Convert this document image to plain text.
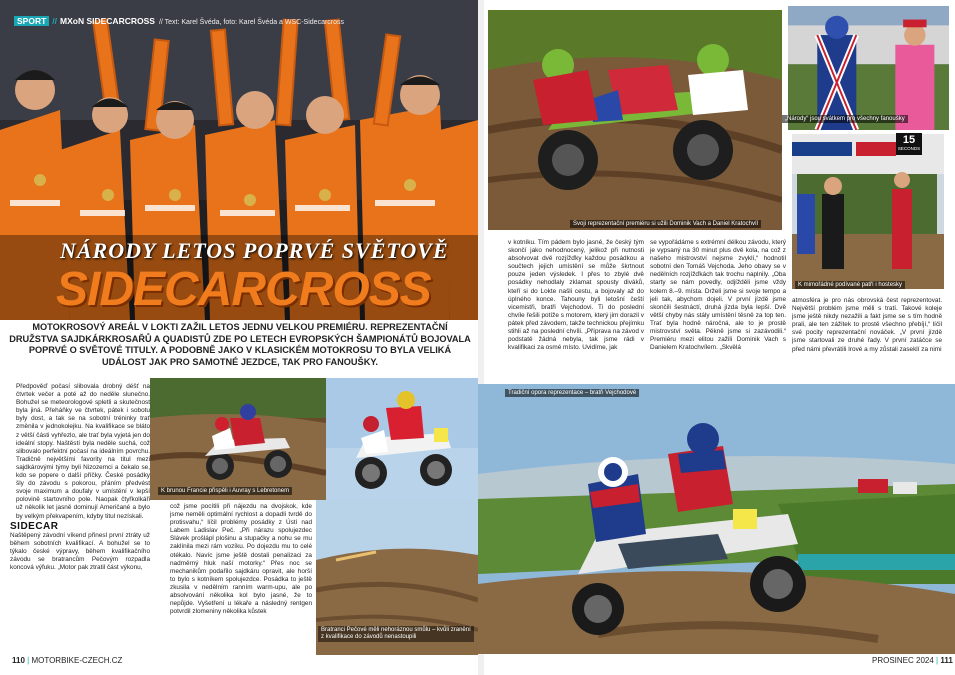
SPORT // MXoN SIDECARCROSS // Text: Karel Švéda, foto: Karel Švéda a WSC-Sidecarcross
NÁRODY LETOS POPRVÉ SVĚTOVĚ
SIDECARCROSS
MOTOKROSOVÝ AREÁL V LOKTI ZAŽIL LETOS JEDNU VELKOU PREMIÉRU. REPREZENTAČNÍ DRUŽSTVA SAJDKÁRKROSAŘŮ A QUADISTŮ ZDE PO LETECH EVROPSKÝCH ŠAMPIONÁTŮ BOJOVALA POPRVÉ O SVĚTOVÉ TITULY. A PODOBNĚ JAKO V KLASICKÉM MOTOKROSU TO BYLA VELIKÁ UDÁLOST JAK PRO SAMOTNÉ JEZDCE, TAK PRO FANOUŠKY.

Předpověď počasí slibovala drobný déšť na čtvrtek večer a poté až do neděle slunečno. Bohužel se meteorologové spletli a skutečnost byla jiná. Přeháňky ve čtvrtek, pátek i sobotu byly dost, a tak se na sobotní tréninky trať změnila v jednokolejku. Na kvalifikace se bláto z větší části vyhřezlo, ale trať byla vyjetá jen do ideální stopy. Naštěstí byla neděle suchá, což slibovalo perfektní počasí na ideálním povrchu. Tradičně největšími favority na titul mezi sajdkárovými týmy byli Nizozemci a čekalo se, kdo se popere o další příčky. České posádky šly do závodu s pokorou, přáním předvést svoje maximum a doufaly v umístění v lepší polovině startovního pole. Naopak čtyřkolkáři už několik let jasně dominují Američané a bylo by velkým překvapením, kdyby titul nezískali.

SIDECAR

Naštěpený závodní víkend přinesl první ztráty už během sobotních kvalifikací. A bohužel se to týkalo české výpravy, během kvalifikačního závodu se bratrancům Pečovým rozpadla koncová výfuku. „Motor pak ztratil část výkonu,

K brunou Francie přispěli i Auvray s Lebretonem
Bratranci Pečové měli nehoráznou smůlu – kvůli zranění z kvalifikace do závodů nenastoupili

což jsme pocítili při nájezdu na dvojskok, kde jsme neměli optimální rychlost a dopadli tvrdě do protisvahu,“ líčil problémy posádky z Ústí nad Labem Ladislav Peč. „Při nárazu spolujezdec Slávek prošlápl plošinu a stupačky a nohu se mu zaklínila mezi rám vozíku. Po dojezdu mu to celé otékalo. Navíc jsme ještě dostali penalizaci za nadměrný hluk naší motorky.“ Přes noc se mechanikům podařilo sajdkáru opravit, ale horší to bylo s kotníkem spolujezdce. Posádka to ještě zkusila v nedělním ranním warm-upu, ale po absolvování několika kol bylo jasné, že to nepůjde. Vyšetření u lékaře a následný rentgen potvrdil zlomeniny několika kůstek

110 | MOTORBIKE-CZECH.CZ
Svoji reprezentační premiéru si užili Dominik Vach a Daniel Kratochvíl
„Národy“ jsou svátkem pro všechny fanoušky
15
SECONDS
K mimořádné podívané patří i hostesky

v kotníku. Tím pádem bylo jasné, že český tým skončí jako nehodnocený, jelikož při nutnosti absolvovat dvě rozjížďky každou posádkou a součtech jejich umístění se může škrtnout pouze jeden výsledek. I přes to zbylé dvě posádky nehodlaly zklamat spousty diváků, kteří si do Lokte našli cestu, a bojovaly až do úplného konce. Tahouny byli letošní čeští vicemistři, bratři Vejchodovi. Ti do poslední chvíle řešili potíže s motorem, který jim dorazil v pátek před závodem, takže technickou přejímku stihli až na poslední chvíli. „Příprava na závod v podstatě žádná nebyla, tak jsme rádi v kvalifikaci za osmé místo. Uvidíme, jak

se vypořádáme s extrémní délkou závodu, který je vypsaný na 30 minut plus dvě kola, na což z našeho mistrovství nejsme zvyklí,“ hodnotil sobotní den Tomáš Vejchoda. Jeho obavy se v nedělních rozjížďkách tak trochu naplnily. „Oba starty se nám povedly, odjížděli jsme vždy kolem 8.–9. místa. Drželi jsme si svoje tempo a jeli tak, abychom dojeli. V první jízdě jsme skončili šestnáctí, druhá jízda byla lepší. Dvě větší chyby nás stály umístění těsně za top ten. Trať byla hodně náročná, ale to je prostě mistrovství světa. Pěkně jsme si zazávodili.“ Premiéru mezi elitou zažili Dominik Vach s Danielem Kratochvílem. „Skvělá

atmosféra je pro nás obrovská čest reprezentovat. Největší problém jsme měli s tratí. Takové koleje jsme ještě nikdy nezažili a fakt jsme se s tím hodně prali, ale ten zážitek to prostě všechno přebíjí,“ líčil své pocity reprezentační nováček. „V první jízdě jsme startovali ze druhé řady. V první zatáčce se před námi převrátili Irové a my zůstali zaseklí za nimi

Tradiční opora reprezentace – bratři Vejchodové
PROSINEC 2024 | 111
